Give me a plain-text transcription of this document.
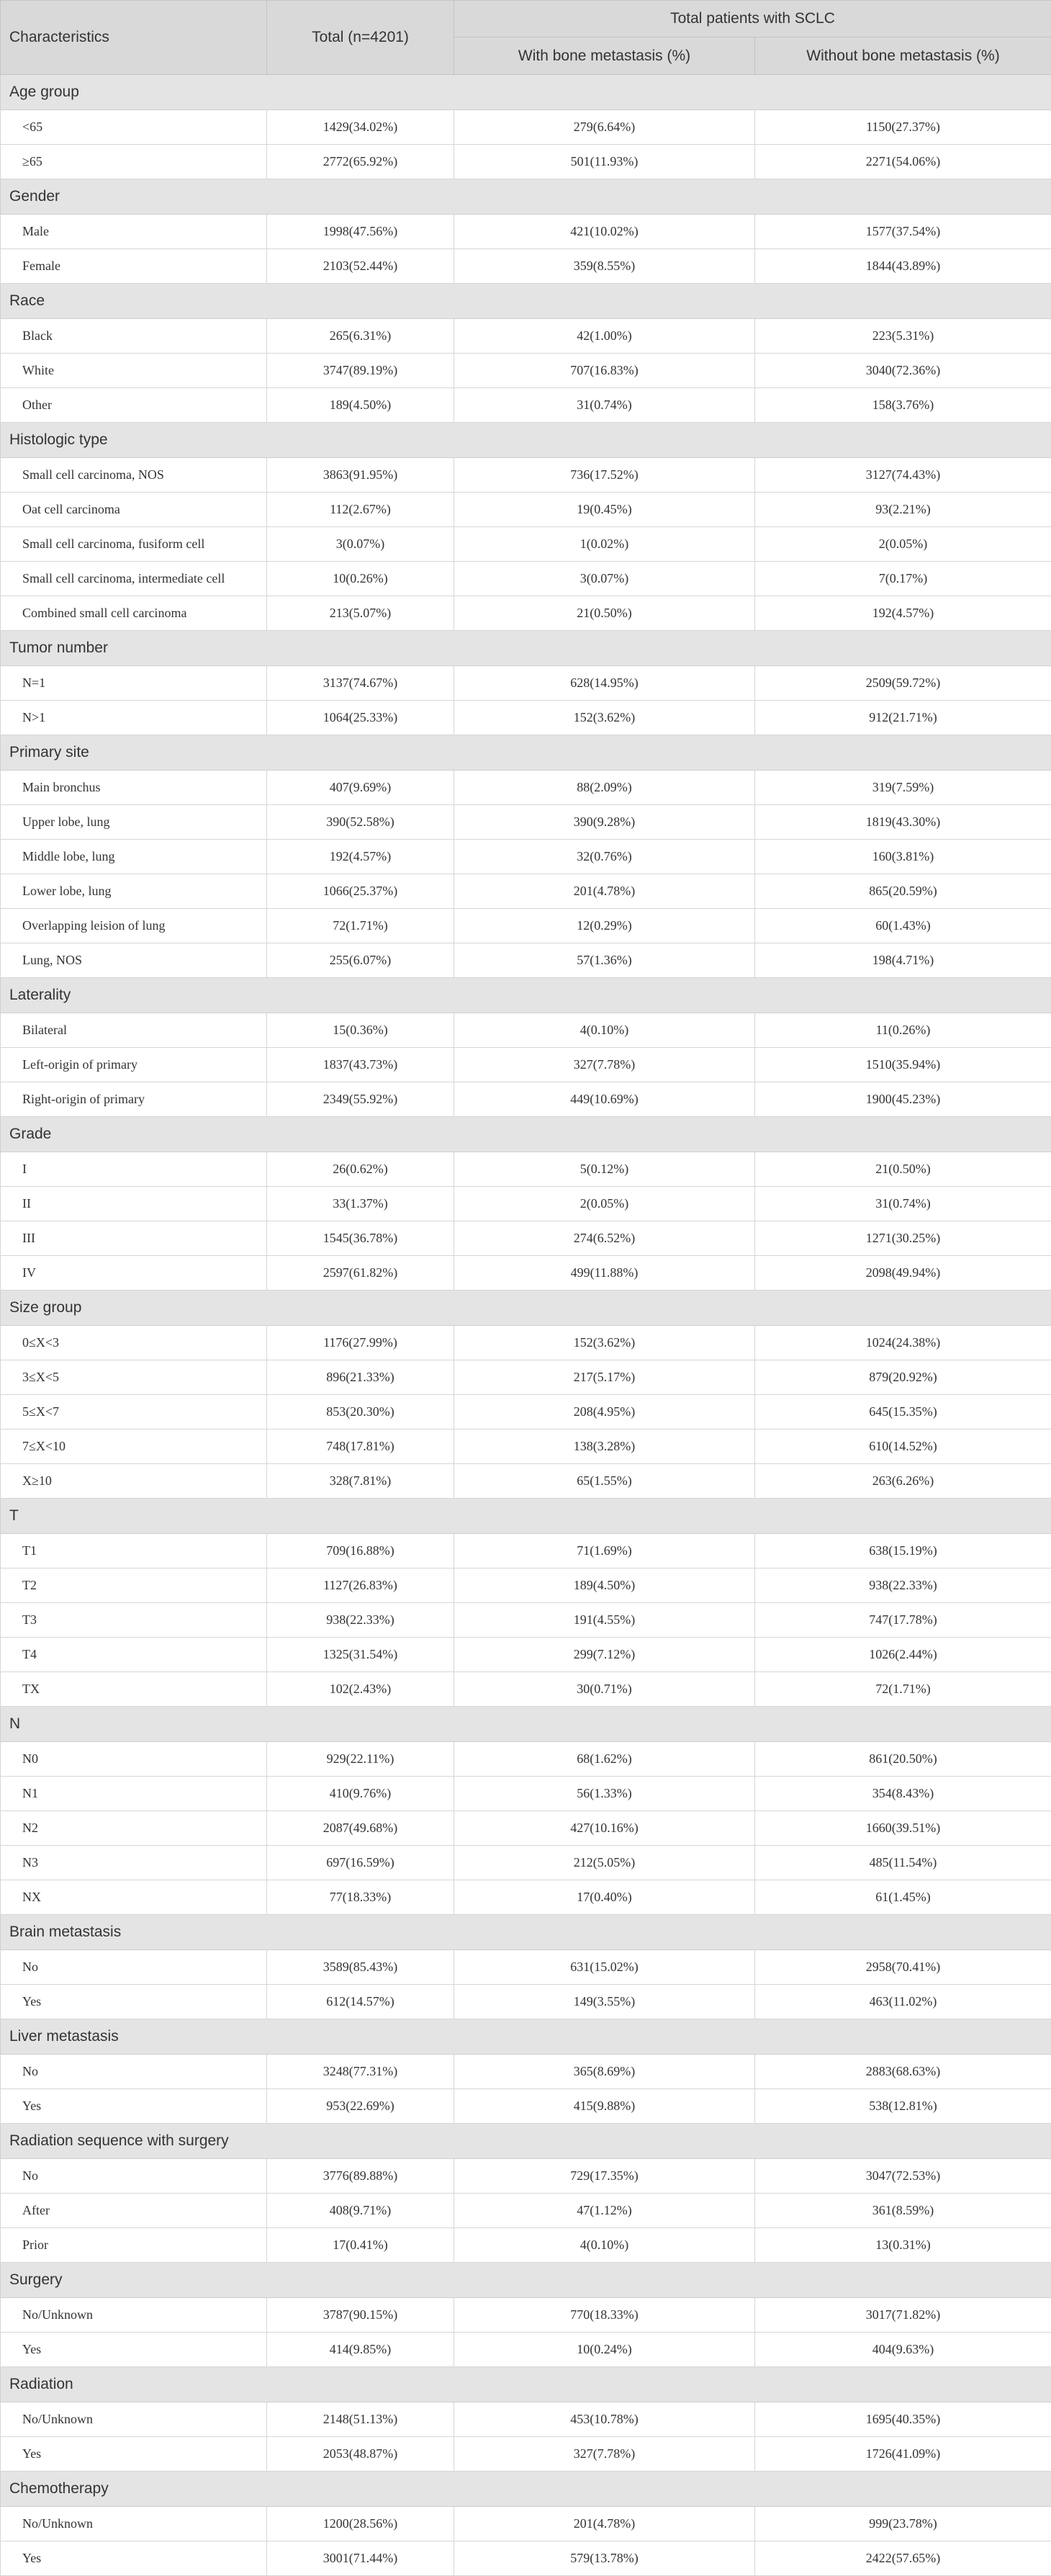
Characteristics	Total (n=4201)	Total patients with SCLC	
		With bone metastasis (%)	Without bone metastasis (%)
Age group			
<65	1429(34.02%)	279(6.64%)	1150(27.37%)
≥65	2772(65.92%)	501(11.93%)	2271(54.06%)
Gender			
Male	1998(47.56%)	421(10.02%)	1577(37.54%)
Female	2103(52.44%)	359(8.55%)	1844(43.89%)
Race			
Black	265(6.31%)	42(1.00%)	223(5.31%)
White	3747(89.19%)	707(16.83%)	3040(72.36%)
Other	189(4.50%)	31(0.74%)	158(3.76%)
Histologic type			
Small cell carcinoma, NOS	3863(91.95%)	736(17.52%)	3127(74.43%)
Oat cell carcinoma	112(2.67%)	19(0.45%)	93(2.21%)
Small cell carcinoma, fusiform cell	3(0.07%)	1(0.02%)	2(0.05%)
Small cell carcinoma, intermediate cell	10(0.26%)	3(0.07%)	7(0.17%)
Combined small cell carcinoma	213(5.07%)	21(0.50%)	192(4.57%)
Tumor number			
N=1	3137(74.67%)	628(14.95%)	2509(59.72%)
N>1	1064(25.33%)	152(3.62%)	912(21.71%)
Primary site			
Main bronchus	407(9.69%)	88(2.09%)	319(7.59%)
Upper lobe, lung	390(52.58%)	390(9.28%)	1819(43.30%)
Middle lobe, lung	192(4.57%)	32(0.76%)	160(3.81%)
Lower lobe, lung	1066(25.37%)	201(4.78%)	865(20.59%)
Overlapping leision of lung	72(1.71%)	12(0.29%)	60(1.43%)
Lung, NOS	255(6.07%)	57(1.36%)	198(4.71%)
Laterality			
Bilateral	15(0.36%)	4(0.10%)	11(0.26%)
Left-origin of primary	1837(43.73%)	327(7.78%)	1510(35.94%)
Right-origin of primary	2349(55.92%)	449(10.69%)	1900(45.23%)
Grade			
I	26(0.62%)	5(0.12%)	21(0.50%)
II	33(1.37%)	2(0.05%)	31(0.74%)
III	1545(36.78%)	274(6.52%)	1271(30.25%)
IV	2597(61.82%)	499(11.88%)	2098(49.94%)
Size group			
0≤X<3	1176(27.99%)	152(3.62%)	1024(24.38%)
3≤X<5	896(21.33%)	217(5.17%)	879(20.92%)
5≤X<7	853(20.30%)	208(4.95%)	645(15.35%)
7≤X<10	748(17.81%)	138(3.28%)	610(14.52%)
X≥10	328(7.81%)	65(1.55%)	263(6.26%)
T			
T1	709(16.88%)	71(1.69%)	638(15.19%)
T2	1127(26.83%)	189(4.50%)	938(22.33%)
T3	938(22.33%)	191(4.55%)	747(17.78%)
T4	1325(31.54%)	299(7.12%)	1026(2.44%)
TX	102(2.43%)	30(0.71%)	72(1.71%)
N			
N0	929(22.11%)	68(1.62%)	861(20.50%)
N1	410(9.76%)	56(1.33%)	354(8.43%)
N2	2087(49.68%)	427(10.16%)	1660(39.51%)
N3	697(16.59%)	212(5.05%)	485(11.54%)
NX	77(18.33%)	17(0.40%)	61(1.45%)
Brain metastasis			
No	3589(85.43%)	631(15.02%)	2958(70.41%)
Yes	612(14.57%)	149(3.55%)	463(11.02%)
Liver metastasis			
No	3248(77.31%)	365(8.69%)	2883(68.63%)
Yes	953(22.69%)	415(9.88%)	538(12.81%)
Radiation sequence with surgery			
No	3776(89.88%)	729(17.35%)	3047(72.53%)
After	408(9.71%)	47(1.12%)	361(8.59%)
Prior	17(0.41%)	4(0.10%)	13(0.31%)
Surgery			
No/Unknown	3787(90.15%)	770(18.33%)	3017(71.82%)
Yes	414(9.85%)	10(0.24%)	404(9.63%)
Radiation			
No/Unknown	2148(51.13%)	453(10.78%)	1695(40.35%)
Yes	2053(48.87%)	327(7.78%)	1726(41.09%)
Chemotherapy			
No/Unknown	1200(28.56%)	201(4.78%)	999(23.78%)
Yes	3001(71.44%)	579(13.78%)	2422(57.65%)
